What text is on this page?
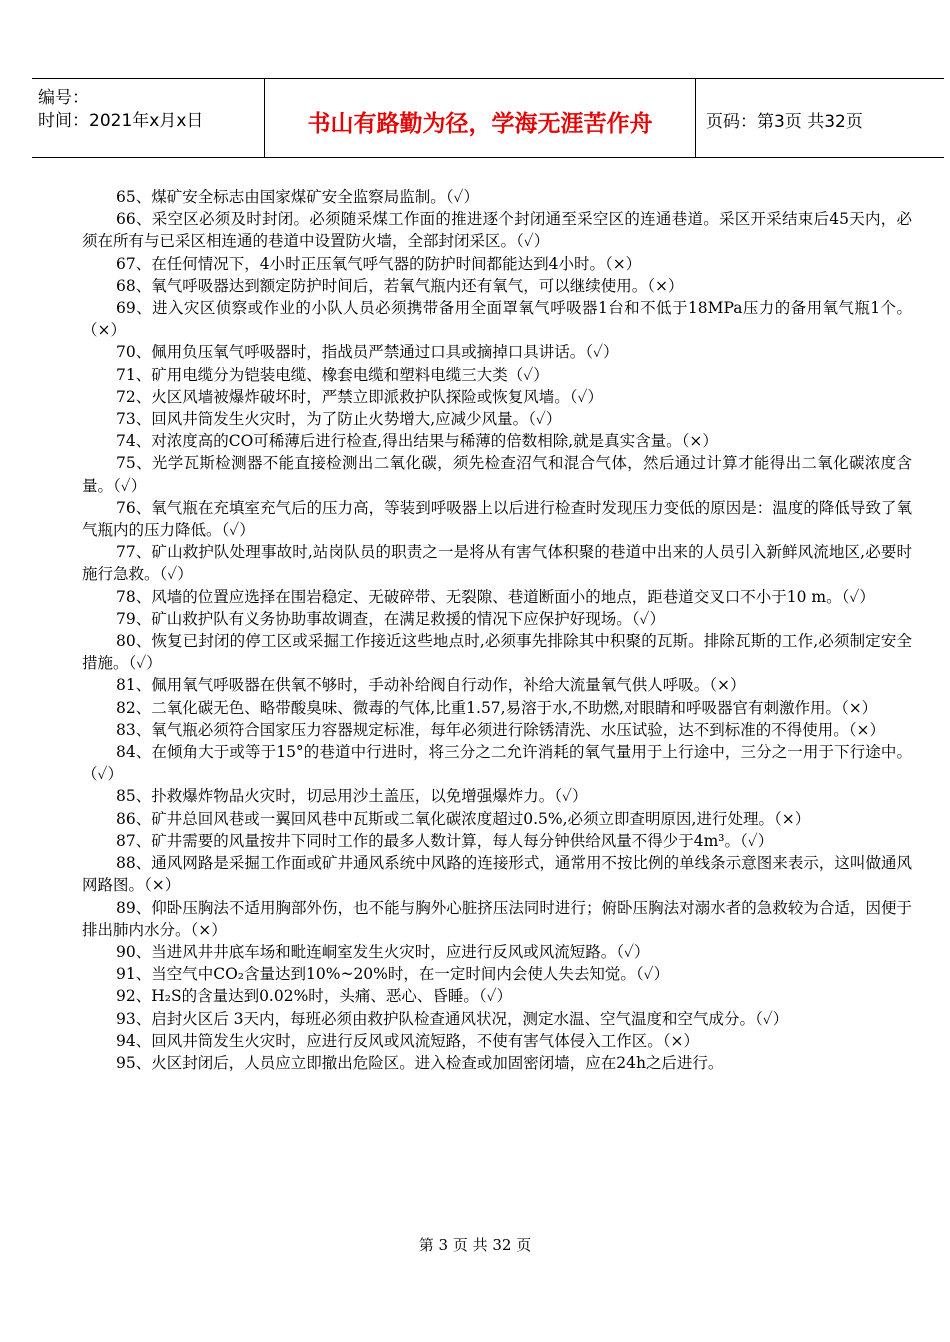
编号：
时间：2021年x月x日	书山有路勤为径，学海无涯苦作舟	页码：第3页 共32页

65、煤矿安全标志由国家煤矿安全监察局监制。（✓）

66、采空区必须及时封闭。必须随采煤工作面的推进逐个封闭通至采空区的连通巷道。采区开采结束后45天内，必须在所有与已采区相连通的巷道中设置防火墙，全部封闭采区。（✓）

67、在任何情况下，4小时正压氧气呼气器的防护时间都能达到4小时。（×）

68、氧气呼吸器达到额定防护时间后，若氧气瓶内还有氧气，可以继续使用。（×）

69、进入灾区侦察或作业的小队人员必须携带备用全面罩氧气呼吸器1台和不低于18MPa压力的备用氧气瓶1个。（×）

70、佩用负压氧气呼吸器时，指战员严禁通过口具或摘掉口具讲话。（✓）

71、矿用电缆分为铠装电缆、橡套电缆和塑料电缆三大类（✓）

72、火区风墙被爆炸破坏时，严禁立即派救护队探险或恢复风墙。（✓）

73、回风井筒发生火灾时，为了防止火势增大,应减少风量。（✓）

74、对浓度高的CO可稀薄后进行检查,得出结果与稀薄的倍数相除,就是真实含量。（×）

75、光学瓦斯检测器不能直接检测出二氧化碳，须先检查沼气和混合气体，然后通过计算才能得出二氧化碳浓度含量。（✓）

76、氧气瓶在充填室充气后的压力高，等装到呼吸器上以后进行检查时发现压力变低的原因是：温度的降低导致了氧气瓶内的压力降低。（✓）

77、矿山救护队处理事故时,站岗队员的职责之一是将从有害气体积聚的巷道中出来的人员引入新鲜风流地区,必要时施行急救。（✓）

78、风墙的位置应选择在围岩稳定、无破碎带、无裂隙、巷道断面小的地点，距巷道交叉口不小于10 m。（✓）

79、矿山救护队有义务协助事故调查，在满足救援的情况下应保护好现场。（✓）

80、恢复已封闭的停工区或采掘工作接近这些地点时,必须事先排除其中积聚的瓦斯。排除瓦斯的工作,必须制定安全措施。（✓）

81、佩用氧气呼吸器在供氧不够时，手动补给阀自行动作，补给大流量氧气供人呼吸。（×）

82、二氧化碳无色、略带酸臭味、微毒的气体,比重1.57,易溶于水,不助燃,对眼睛和呼吸器官有刺激作用。（×）

83、氧气瓶必须符合国家压力容器规定标准，每年必须进行除锈清洗、水压试验，达不到标准的不得使用。（×）

84、在倾角大于或等于15°的巷道中行进时，将三分之二允许消耗的氧气量用于上行途中，三分之一用于下行途中。（✓）

85、扑救爆炸物品火灾时，切忌用沙土盖压，以免增强爆炸力。（✓）

86、矿井总回风巷或一翼回风巷中瓦斯或二氧化碳浓度超过0.5%,必须立即查明原因,进行处理。（×）

87、矿井需要的风量按井下同时工作的最多人数计算，每人每分钟供给风量不得少于4m³。（✓）

88、通风网路是采掘工作面或矿井通风系统中风路的连接形式，通常用不按比例的单线条示意图来表示，这叫做通风网路图。（×）

89、仰卧压胸法不适用胸部外伤，也不能与胸外心脏挤压法同时进行；俯卧压胸法对溺水者的急救较为合适，因便于排出肺内水分。（×）

90、当进风井井底车场和毗连峒室发生火灾时，应进行反风或风流短路。（✓）

91、当空气中CO₂含量达到10%~20%时，在一定时间内会使人失去知觉。（✓）

92、H₂S的含量达到0.02%时，头痛、恶心、昏睡。（✓）

93、启封火区后 3天内，每班必须由救护队检查通风状况，测定水温、空气温度和空气成分。（✓）

94、回风井筒发生火灾时，应进行反风或风流短路，不使有害气体侵入工作区。（×）

95、火区封闭后，人员应立即撤出危险区。进入检查或加固密闭墙，应在24h之后进行。

第 3 页 共 32 页
